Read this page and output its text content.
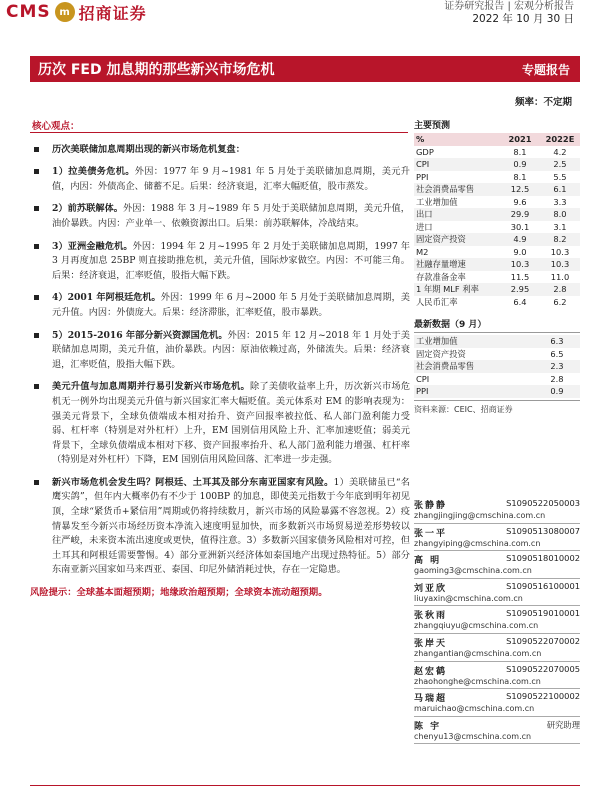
CMS m 招商证券	证券研究报告 | 宏观分析报告
2022 年 10 月 30 日
历次 FED 加息期的那些新兴市场危机	专题报告
频率：不定期
核心观点：
历次美联储加息周期出现的新兴市场危机复盘：
1）拉美债务危机。外因：1977 年 9 月~1981 年 5 月处于美联储加息周期，美元升值，内因：外债高企、储蓄不足。后果：经济衰退，汇率大幅贬值，股市蒸发。
2）前苏联解体。外因：1988 年 3 月~1989 年 5 月处于美联储加息周期，美元升值，油价暴跌。内因：产业单一、依赖资源出口。后果：前苏联解体，冷战结束。
3）亚洲金融危机。外因：1994 年 2 月~1995 年 2 月处于美联储加息周期，1997 年 3 月再度加息 25BP 则直接助推危机，美元升值，国际炒家做空。内因：不可能三角。后果：经济衰退，汇率贬值，股指大幅下跌。
4）2001 年阿根廷危机。外因：1999 年 6 月~2000 年 5 月处于美联储加息周期，美元升值。内因：外债庞大。后果：经济滞胀，汇率贬值，股市暴跌。
5）2015-2016 年部分新兴资源国危机。外因：2015 年 12 月~2018 年 1 月处于美联储加息周期，美元升值，油价暴跌。内因：原油依赖过高，外储流失。后果：经济衰退，汇率贬值，股指大幅下跌。
美元升值与加息周期并行易引发新兴市场危机。除了美债收益率上升，历次新兴市场危机无一例外均出现美元升值与新兴国家汇率大幅贬值。美元体系对 EM 的影响表现为：强美元背景下，全球负债端成本相对抬升、资产回报率被拉低、私人部门盈利能力受弱、杠杆率（特别是对外杠杆）上升，EM 国别信用风险上升、汇率加速贬值；弱美元背景下，全球负债端成本相对下移、资产回报率抬升、私人部门盈利能力增强、杠杆率（特别是对外杠杆）下降，EM 国别信用风险回落、汇率进一步走强。
新兴市场危机会发生吗？阿根廷、土耳其及部分东南亚国家有风险。1）美联储虽已“名鹰实鸽”，但年内大概率仍有不少于 100BP 的加息，即使美元指数于今年底到明年初见顶，全球“紧货币+紧信用”周期或仍将持续数月，新兴市场的风险暴露不容忽视。2）疫情暴发至今新兴市场经历资本净流入速度明显加快，而多数新兴市场贸易逆差形势较以往严峻，未来资本流出速度或更快，值得注意。3）多数新兴国家债务风险相对可控，但土耳其和阿根廷需要警惕。4）部分亚洲新兴经济体如泰国地产出现过热特征。5）部分东南亚新兴国家如马来西亚、泰国、印尼外储消耗过快，存在一定隐患。
风险提示：全球基本面超预期；地缘政治超预期；全球资本流动超预期。
主要预测
%	2021	2022E
GDP	8.1	4.2
CPI	0.9	2.5
PPI	8.1	5.5
社会消费品零售	12.5	6.1
工业增加值	9.6	3.3
出口	29.9	8.0
进口	30.1	3.1
固定资产投资	4.9	8.2
M2	9.0	10.3
社融存量增速	10.3	10.3
存款准备金率	11.5	11.0
1 年期 MLF 利率	2.95	2.8
人民币汇率	6.4	6.2
最新数据（9 月）
工业增加值	6.3
固定资产投资	6.5
社会消费品零售	2.3
CPI	2.8
PPI	0.9
资料来源：CEIC、招商证券
张静静	S1090522050003
zhangjingjing@cmschina.com.cn
张一平	S1090513080007
zhangyiping@cmschina.com.cn
高 明	S1090518010002
gaoming3@cmschina.com.cn
刘亚欣	S1090516100001
liuyaxin@cmschina.com.cn
张秋雨	S1090519010001
zhangqiuyu@cmschina.com.cn
张岸天	S1090522070002
zhangantian@cmschina.com.cn
赵宏鹤	S1090522070005
zhaohonghe@cmschina.com.cn
马瑞超	S1090522100002
maruichao@cmschina.com.cn
陈 宇	研究助理
chenyu13@cmschina.com.cn
